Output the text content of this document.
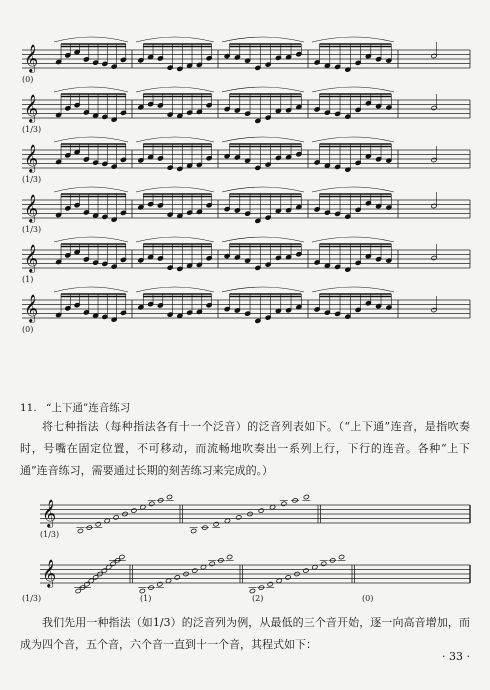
𝄞
𝄞
𝄞
𝄞
𝄞
𝄞
(0)
(1/3)
(1/3)
(1/3)
(1)
(0)
11. “上下通”连音练习
将七种指法（每种指法各有十一个泛音）的泛音列表如下。（“上下通”连音，是指吹奏时，号嘴在固定位置，不可移动，而流畅地吹奏出一系列上行，下行的连音。各种“上下通”连音练习，需要通过长期的刻苦练习来完成的。）
𝄞
𝄞
(1/3)
(1/3)	(1)	(2)	(0)
我们先用一种指法（如1/3）的泛音列为例，从最低的三个音开始，逐一向高音增加，而成为四个音，五个音，六个音一直到十一个音，其程式如下：
· 33 ·
